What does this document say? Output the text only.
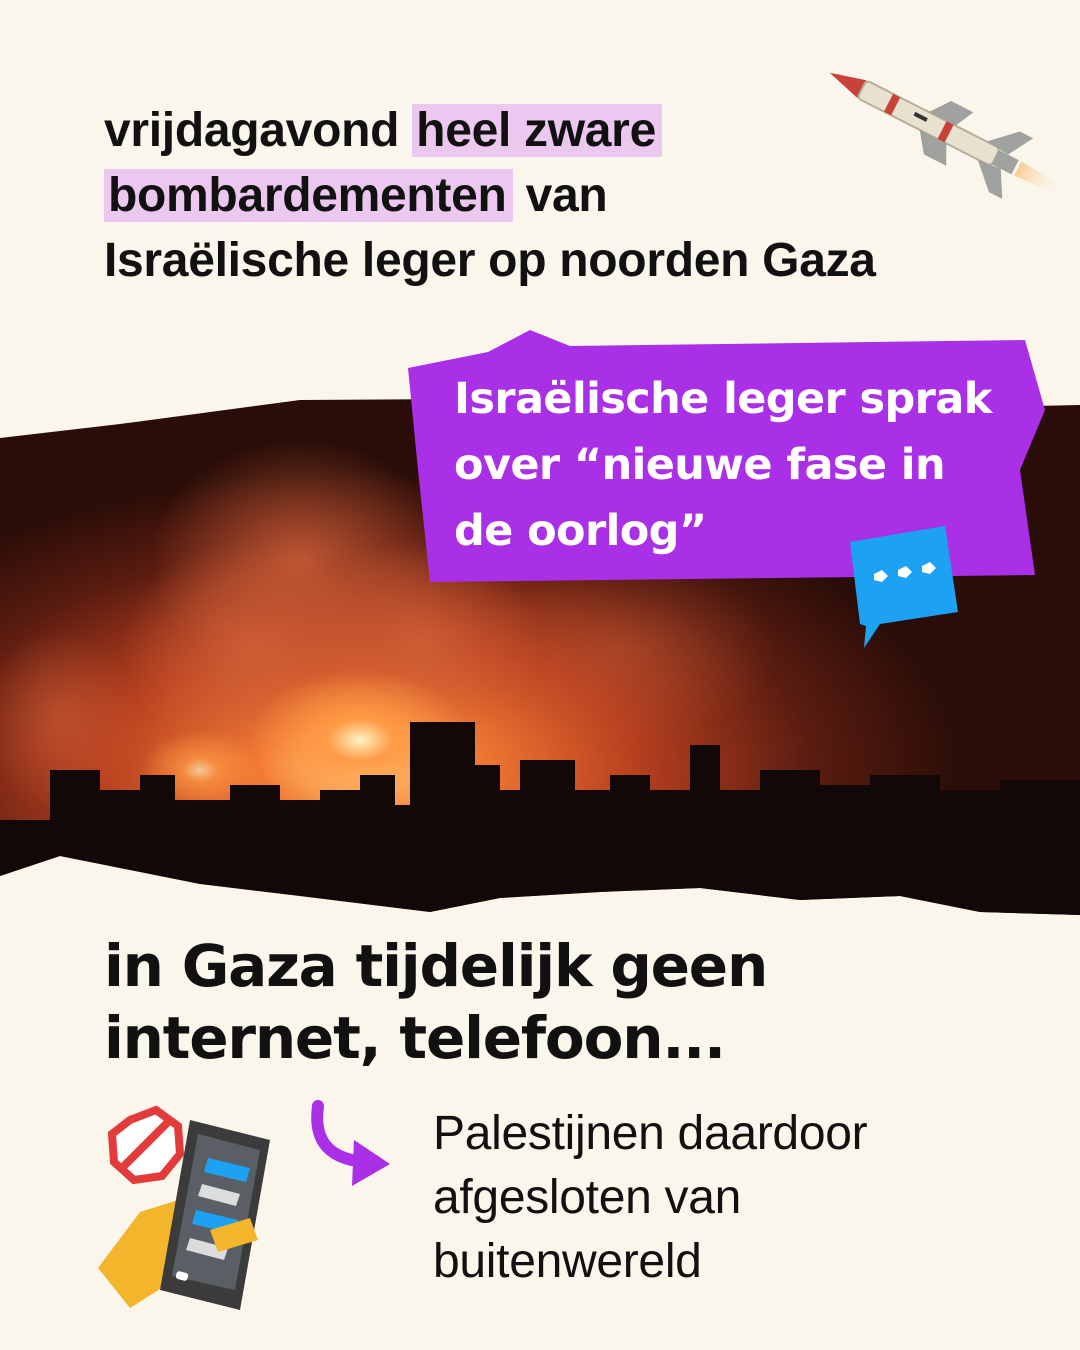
vrijdagavond heel zware
bombardementen van
Israëlische leger op noorden Gaza

Israëlische leger sprak
over “nieuwe fase in
de oorlog”

in Gaza tijdelijk geen
internet, telefoon...

Palestijnen daardoor
afgesloten van
buitenwereld
